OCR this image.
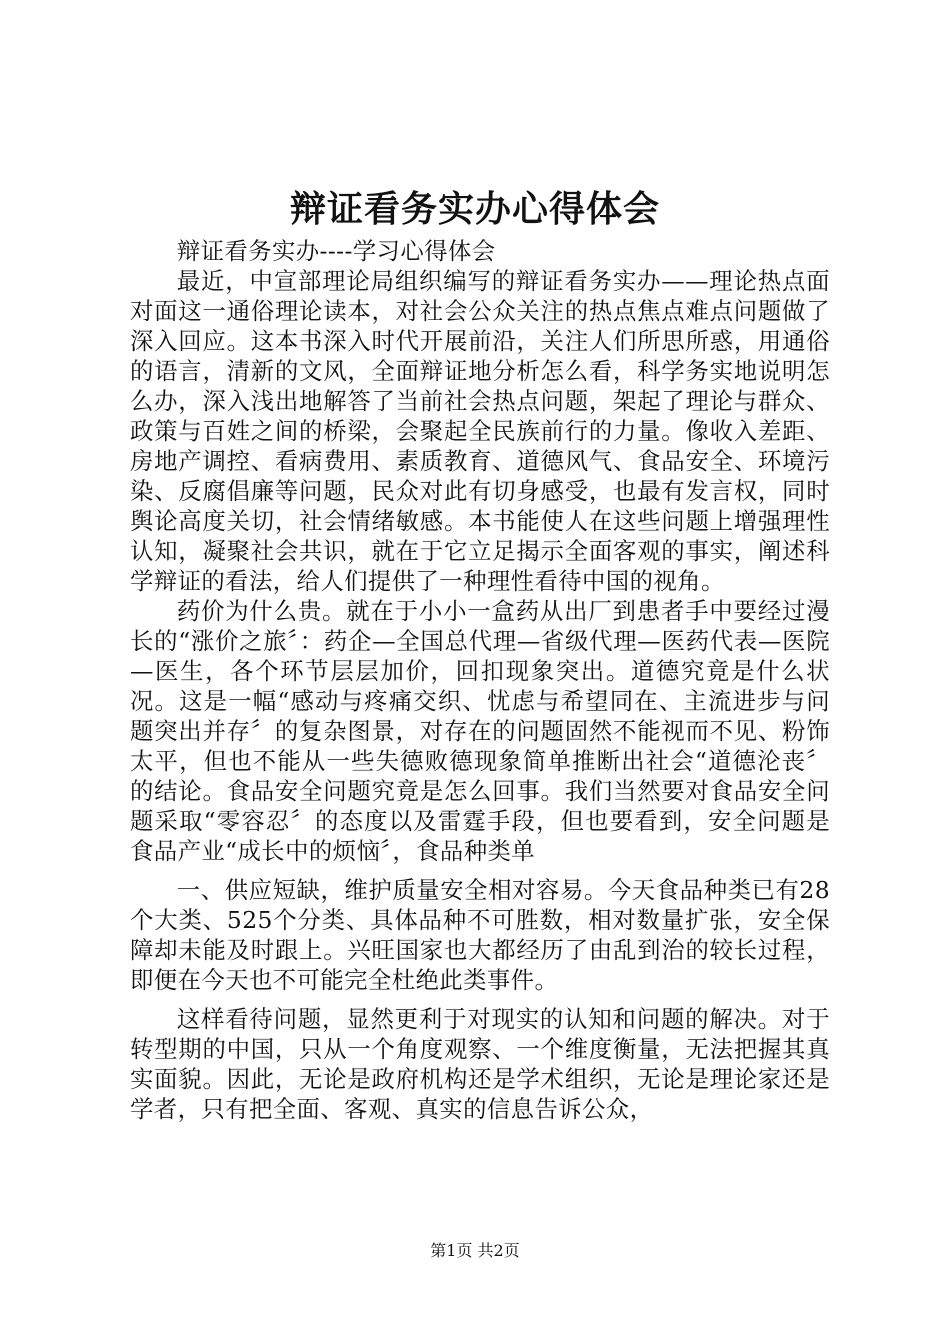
辩证看务实办心得体会

辩证看务实办----学习心得体会

最近，中宣部理论局组织编写的辩证看务实办——理论热点面对面这一通俗理论读本，对社会公众关注的热点焦点难点问题做了深入回应。这本书深入时代开展前沿，关注人们所思所惑，用通俗的语言，清新的文风，全面辩证地分析怎么看，科学务实地说明怎么办，深入浅出地解答了当前社会热点问题，架起了理论与群众、政策与百姓之间的桥梁，会聚起全民族前行的力量。像收入差距、房地产调控、看病费用、素质教育、道德风气、食品安全、环境污染、反腐倡廉等问题，民众对此有切身感受，也最有发言权，同时舆论高度关切，社会情绪敏感。本书能使人在这些问题上增强理性认知，凝聚社会共识，就在于它立足揭示全面客观的事实，阐述科学辩证的看法，给人们提供了一种理性看待中国的视角。

药价为什么贵。就在于小小一盒药从出厂到患者手中要经过漫长的“涨价之旅〞：药企—全国总代理—省级代理—医药代表—医院—医生，各个环节层层加价，回扣现象突出。道德究竟是什么状况。这是一幅“感动与疼痛交织、忧虑与希望同在、主流进步与问题突出并存〞的复杂图景，对存在的问题固然不能视而不见、粉饰太平，但也不能从一些失德败德现象简单推断出社会“道德沦丧〞的结论。食品安全问题究竟是怎么回事。我们当然要对食品安全问题采取“零容忍〞的态度以及雷霆手段，但也要看到，安全问题是食品产业“成长中的烦恼〞，食品种类单

一、供应短缺，维护质量安全相对容易。今天食品种类已有28个大类、525个分类、具体品种不可胜数，相对数量扩张，安全保障却未能及时跟上。兴旺国家也大都经历了由乱到治的较长过程，即便在今天也不可能完全杜绝此类事件。

这样看待问题，显然更利于对现实的认知和问题的解决。对于转型期的中国，只从一个角度观察、一个维度衡量，无法把握其真实面貌。因此，无论是政府机构还是学术组织，无论是理论家还是学者，只有把全面、客观、真实的信息告诉公众，

第1页 共2页
